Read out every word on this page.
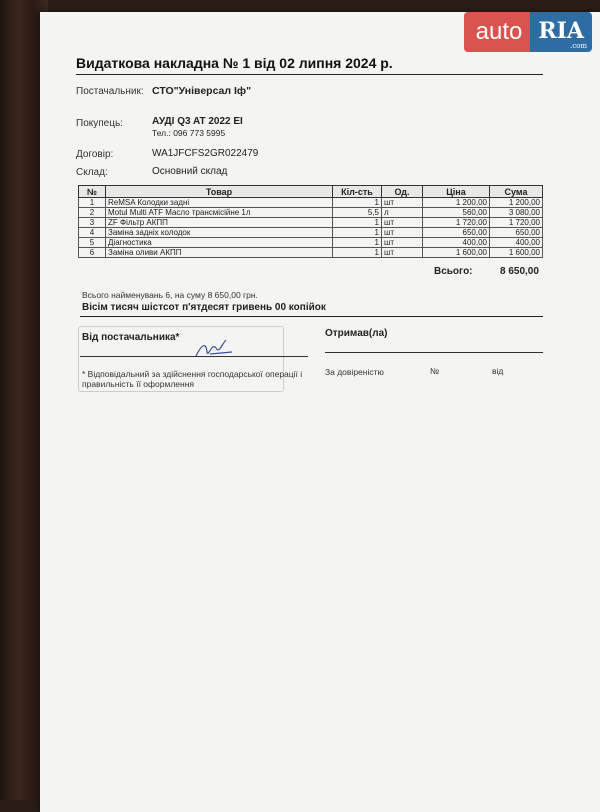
auto RIA
.com
Видаткова накладна № 1 від 02 липня 2024 р.
Постачальник: СТО"Універсал Іф"
Покупець:	АУДІ Q3 AT 2022 EI
Тел.: 096 773 5995
Договір:	WA1JFCFS2GR022479
Склад:	Основний склад
№	Товар	Кіл-сть	Од.	Ціна	Сума
1	ReMSA Колодки задні	1	шт	1 200,00	1 200,00
2	Motul Multi ATF Масло трансмісійне 1л	5,5	л	560,00	3 080,00
3	ZF Фільтр АКПП	1	шт	1 720,00	1 720,00
4	Заміна задніх колодок	1	шт	650,00	650,00
5	Діагностика	1	шт	400,00	400,00
6	Заміна оливи АКПП	1	шт	1 600,00	1 600,00
Всього:	8 650,00
Всього найменувань 6, на суму 8 650,00 грн.
Вісім тисяч шістсот п'ятдесят гривень 00 копійок
Від постачальника*	Отримав(ла)
* Відповідальний за здійснення господарської операції і
правильність її оформлення
За довіреністю	№	від
